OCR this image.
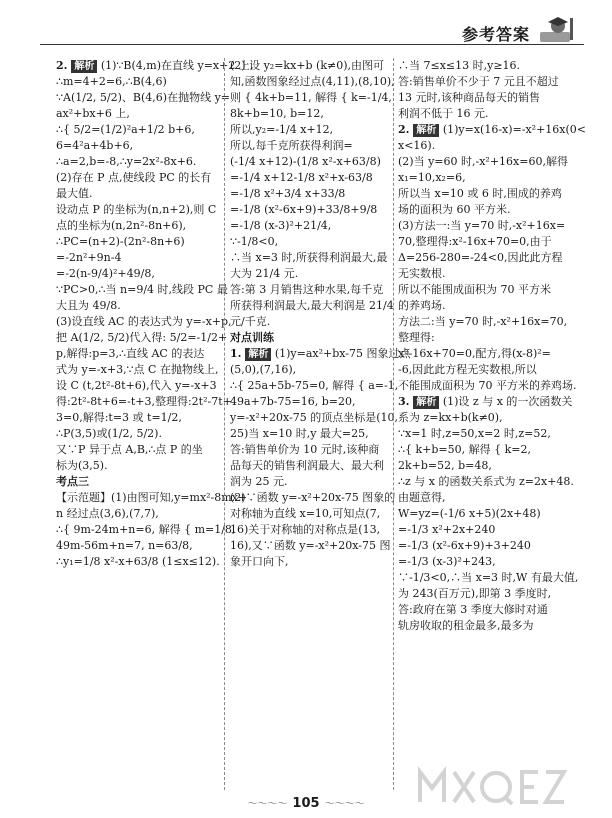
参考答案
2. 解析 (1)∵B(4,m)在直线 y=x+2 上,
∴m=4+2=6,∴B(4,6)
∵A(1/2, 5/2)、B(4,6)在抛物线 y=
ax²+bx+6 上,
∴{ 5/2=(1/2)²a+1/2 b+6,
6=4²a+4b+6,
∴a=2,b=-8,∴y=2x²-8x+6.
(2)存在 P 点,使线段 PC 的长有
最大值.
设动点 P 的坐标为(n,n+2),则 C
点的坐标为(n,2n²-8n+6),
∴PC=(n+2)-(2n²-8n+6)
=-2n²+9n-4
=-2(n-9/4)²+49/8,
∵PC>0,∴当 n=9/4 时,线段 PC 最
大且为 49/8.
(3)设直线 AC 的表达式为 y=-x+p,
把 A(1/2, 5/2)代入得: 5/2=-1/2+
p,解得:p=3,∴直线 AC 的表达
式为 y=-x+3,∵点 C 在抛物线上,
设 C (t,2t²-8t+6),代入 y=-x+3
得:2t²-8t+6=-t+3,整理得:2t²-7t+
3=0,解得:t=3 或 t=1/2,
∴P(3,5)或(1/2, 5/2).
又∵P 异于点 A,B,∴点 P 的坐
标为(3,5).
考点三
【示范题】(1)由图可知,y=mx²-8mx+
n 经过点(3,6),(7,7),
∴{ 9m-24m+n=6, 解得 { m=1/8,
49m-56m+n=7, n=63/8,
∴y₁=1/8 x²-x+63/8 (1≤x≤12).
(2) 设 y₂=kx+b (k≠0),由图可
知,函数图象经过点(4,11),(8,10),
则 { 4k+b=11, 解得 { k=-1/4,
8k+b=10, b=12,
所以,y₂=-1/4 x+12,
所以,每千克所获得利润=
(-1/4 x+12)-(1/8 x²-x+63/8)
=-1/4 x+12-1/8 x²+x-63/8
=-1/8 x²+3/4 x+33/8
=-1/8 (x²-6x+9)+33/8+9/8
=-1/8 (x-3)²+21/4,
∵-1/8<0,
∴当 x=3 时,所获得利润最大,最
大为 21/4 元.
答:第 3 月销售这种水果,每千克
所获得利润最大,最大利润是 21/4
元/千克.
对点训练
1. 解析 (1)y=ax²+bx-75 图象过点
(5,0),(7,16),
∴{ 25a+5b-75=0, 解得 { a=-1,
49a+7b-75=16, b=20,
y=-x²+20x-75 的顶点坐标是(10,
25)当 x=10 时,y 最大=25,
答:销售单价为 10 元时,该种商
品每天的销售利润最大、最大利
润为 25 元.
(2)∵函数 y=-x²+20x-75 图象的
对称轴为直线 x=10,可知点(7,
16)关于对称轴的对称点是(13,
16),又∵函数 y=-x²+20x-75 图
象开口向下,
∴当 7≤x≤13 时,y≥16.
答:销售单价不少于 7 元且不超过
13 元时,该种商品每天的销售
利润不低于 16 元.
2. 解析 (1)y=x(16-x)=-x²+16x(0<
x<16).
(2)当 y=60 时,-x²+16x=60,解得
x₁=10,x₂=6,
所以当 x=10 或 6 时,围成的养鸡
场的面积为 60 平方米.
(3)方法一:当 y=70 时,-x²+16x=
70,整理得:x²-16x+70=0,由于
Δ=256-280=-24<0,因此此方程
无实数根.
所以不能围成面积为 70 平方米
的养鸡场.
方法二:当 y=70 时,-x²+16x=70,
整理得:
x²-16x+70=0,配方,得(x-8)²=
-6,因此此方程无实数根,所以
不能围成面积为 70 平方米的养鸡场.
3. 解析 (1)设 z 与 x 的一次函数关
系为 z=kx+b(k≠0),
∵x=1 时,z=50,x=2 时,z=52,
∴{ k+b=50, 解得 { k=2,
2k+b=52, b=48,
∴z 与 x 的函数关系式为 z=2x+48.
由题意得,
W=yz=(-1/6 x+5)(2x+48)
=-1/3 x²+2x+240
=-1/3 (x²-6x+9)+3+240
=-1/3 (x-3)²+243,
∵-1/3<0,∴当 x=3 时,W 有最大值,
为 243(百万元),即第 3 季度时,
答:政府在第 3 季度大修时对通
轨房收取的租金最多,最多为
〜〜〜〜 105 〜〜〜〜
